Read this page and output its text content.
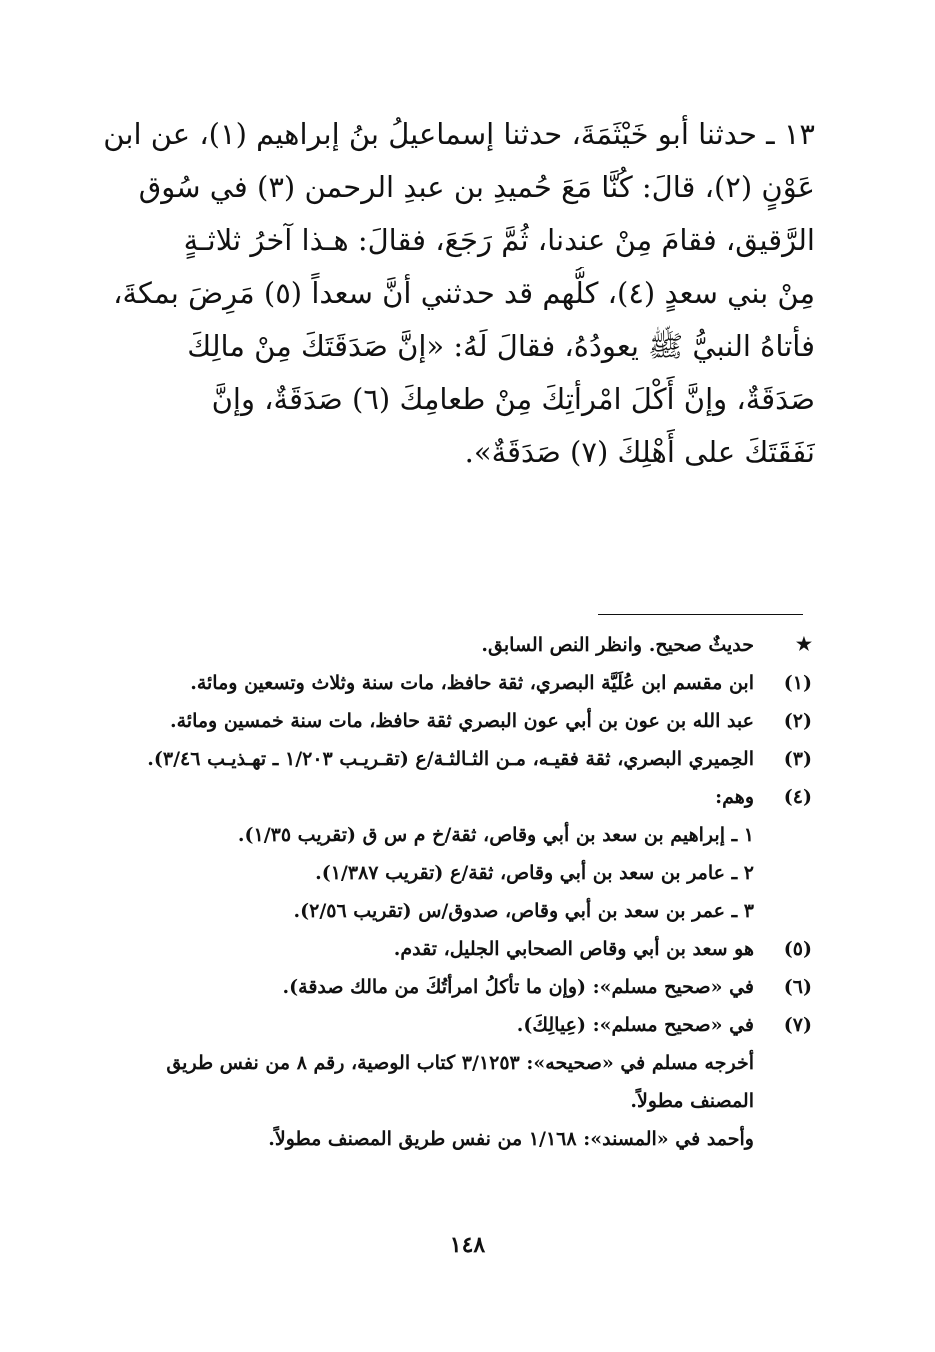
١٣ ـ حدثنا أبو خَيْثَمَةَ، حدثنا إسماعيلُ بنُ إبراهيم (١)، عن ابن
عَوْنٍ (٢)، قالَ: كُنَّا مَعَ حُميدِ بن عبدِ الرحمن (٣) في سُوق
الرَّقيق، فقامَ مِنْ عندنا، ثُمَّ رَجَعَ، فقالَ: هـذا آخرُ ثلاثـةٍ
مِنْ بني سعدٍ (٤)، كلُّهم قد حدثني أنَّ سعداً (٥) مَرِضَ بمكةَ،
فأتاهُ النبيُّ ﷺ يعودُهُ، فقالَ لَهُ: «إنَّ صَدَقَتَكَ مِنْ مالِكَ
صَدَقَةٌ، وإنَّ أَكْلَ امْرأتِكَ مِنْ طعامِكَ (٦) صَدَقَةٌ، وإنَّ
نَفَقَتَكَ على أَهْلِكَ (٧) صَدَقَةٌ».
★
حديثٌ صحيح. وانظر النص السابق.
(١)
ابن مقسم ابن عُلَيَّة البصري، ثقة حافظ، مات سنة وثلاث وتسعين ومائة.
(٢)
عبد الله بن عون بن أبي عون البصري ثقة حافظ، مات سنة خمسين ومائة.
(٣)
الحِميري البصري، ثقة فقيـه، مـن الثـالثـة/ع (تقـريـب ١/٢٠٣ ـ تهـذيـب ٣/٤٦).
(٤)
وهم:
١ ـ إبراهيم بن سعد بن أبي وقاص، ثقة/خ م س ق (تقريب ١/٣٥).
٢ ـ عامر بن سعد بن أبي وقاص، ثقة/ع (تقريب ١/٣٨٧).
٣ ـ عمر بن سعد بن أبي وقاص، صدوق/س (تقريب ٢/٥٦).
(٥)
هو سعد بن أبي وقاص الصحابي الجليل، تقدم.
(٦)
في «صحيح مسلم»: (وإن ما تأكلُ امرأتُكَ من مالك صدقة).
(٧)
في «صحيح مسلم»: (عِيالِكَ).
أخرجه مسلم في «صحيحه»: ٣/١٢٥٣ كتاب الوصية، رقم ٨ من نفس طريق المصنف مطولاً.
وأحمد في «المسند»: ١/١٦٨ من نفس طريق المصنف مطولاً.
١٤٨
